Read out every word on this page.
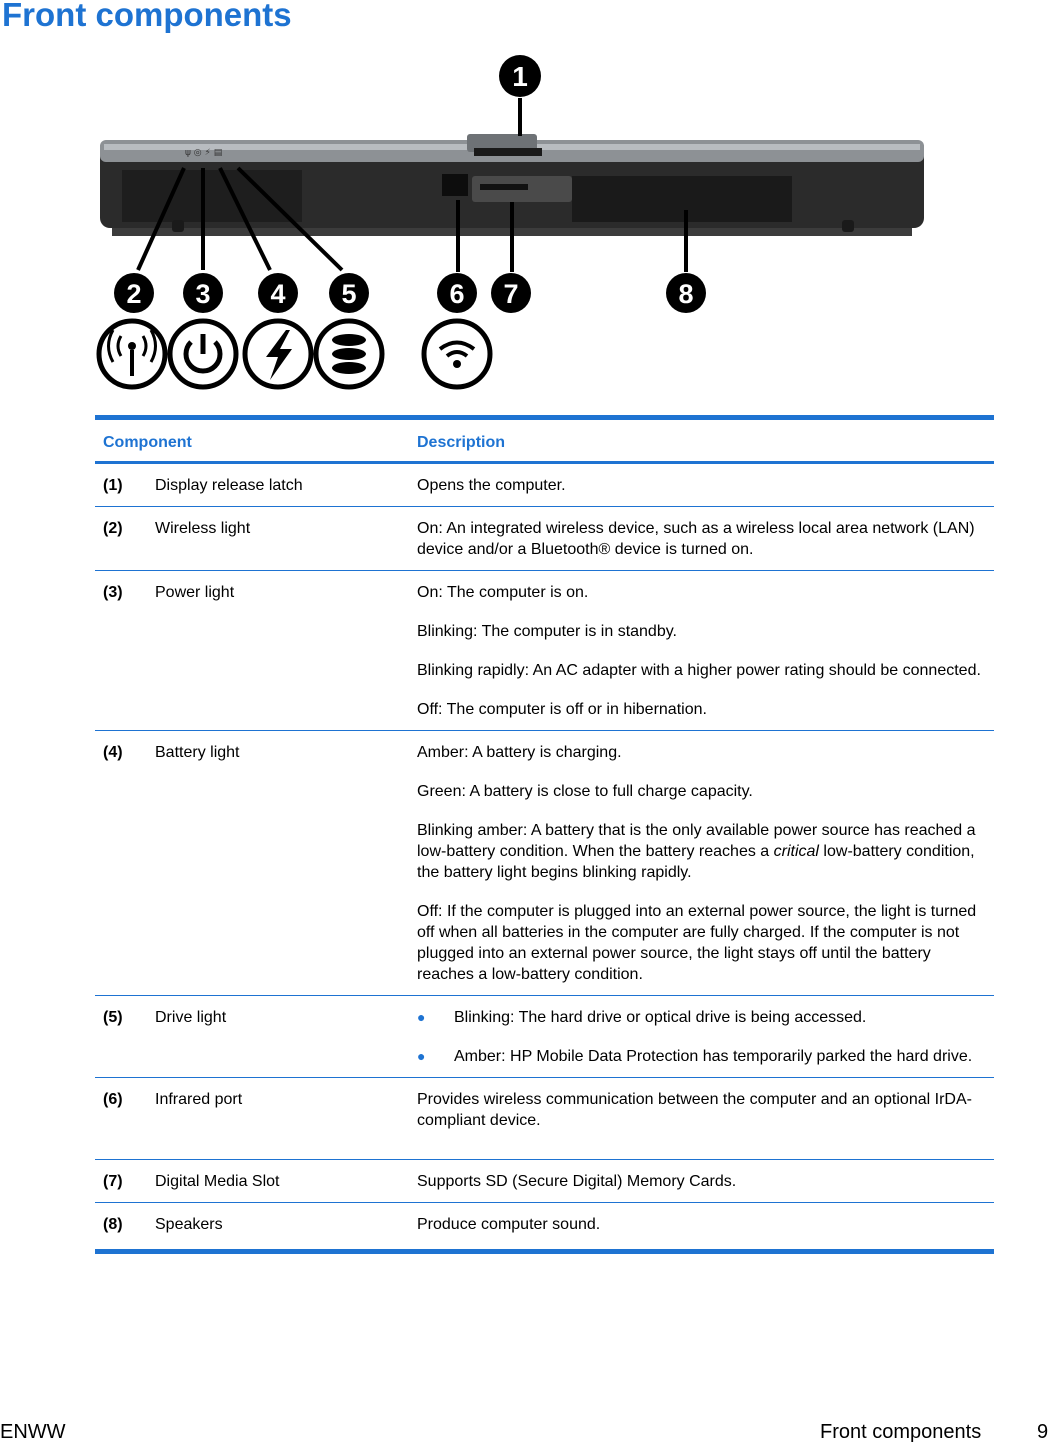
Front components
ψ ◎ ⚡ ▤
1
2 3 4 5	6 7	8
Component		Description
(1)	Display release latch	Opens the computer.

(2)	Wireless light	On: An integrated wireless device, such as a wireless local area network (LAN) device and/or a Bluetooth® device is turned on.

(3)	Power light	On: The computer is on.

Blinking: The computer is in standby.

Blinking rapidly: An AC adapter with a higher power rating should be connected.

Off: The computer is off or in hibernation.

(4)	Battery light	Amber: A battery is charging.

Green: A battery is close to full charge capacity.

Blinking amber: A battery that is the only available power source has reached a low-battery condition. When the battery reaches a critical low-battery condition, the battery light begins blinking rapidly.

Off: If the computer is plugged into an external power source, the light is turned off when all batteries in the computer are fully charged. If the computer is not plugged into an external power source, the light stays off until the battery reaches a low-battery condition.

(5)	Drive light	● Blinking: The hard drive or optical drive is being accessed.
● Amber: HP Mobile Data Protection has temporarily parked the hard drive.

(6)	Infrared port	Provides wireless communication between the computer and an optional IrDA-compliant device.

(7)	Digital Media Slot	Supports SD (Secure Digital) Memory Cards.

(8)	Speakers	Produce computer sound.

ENWW	Front components	9
